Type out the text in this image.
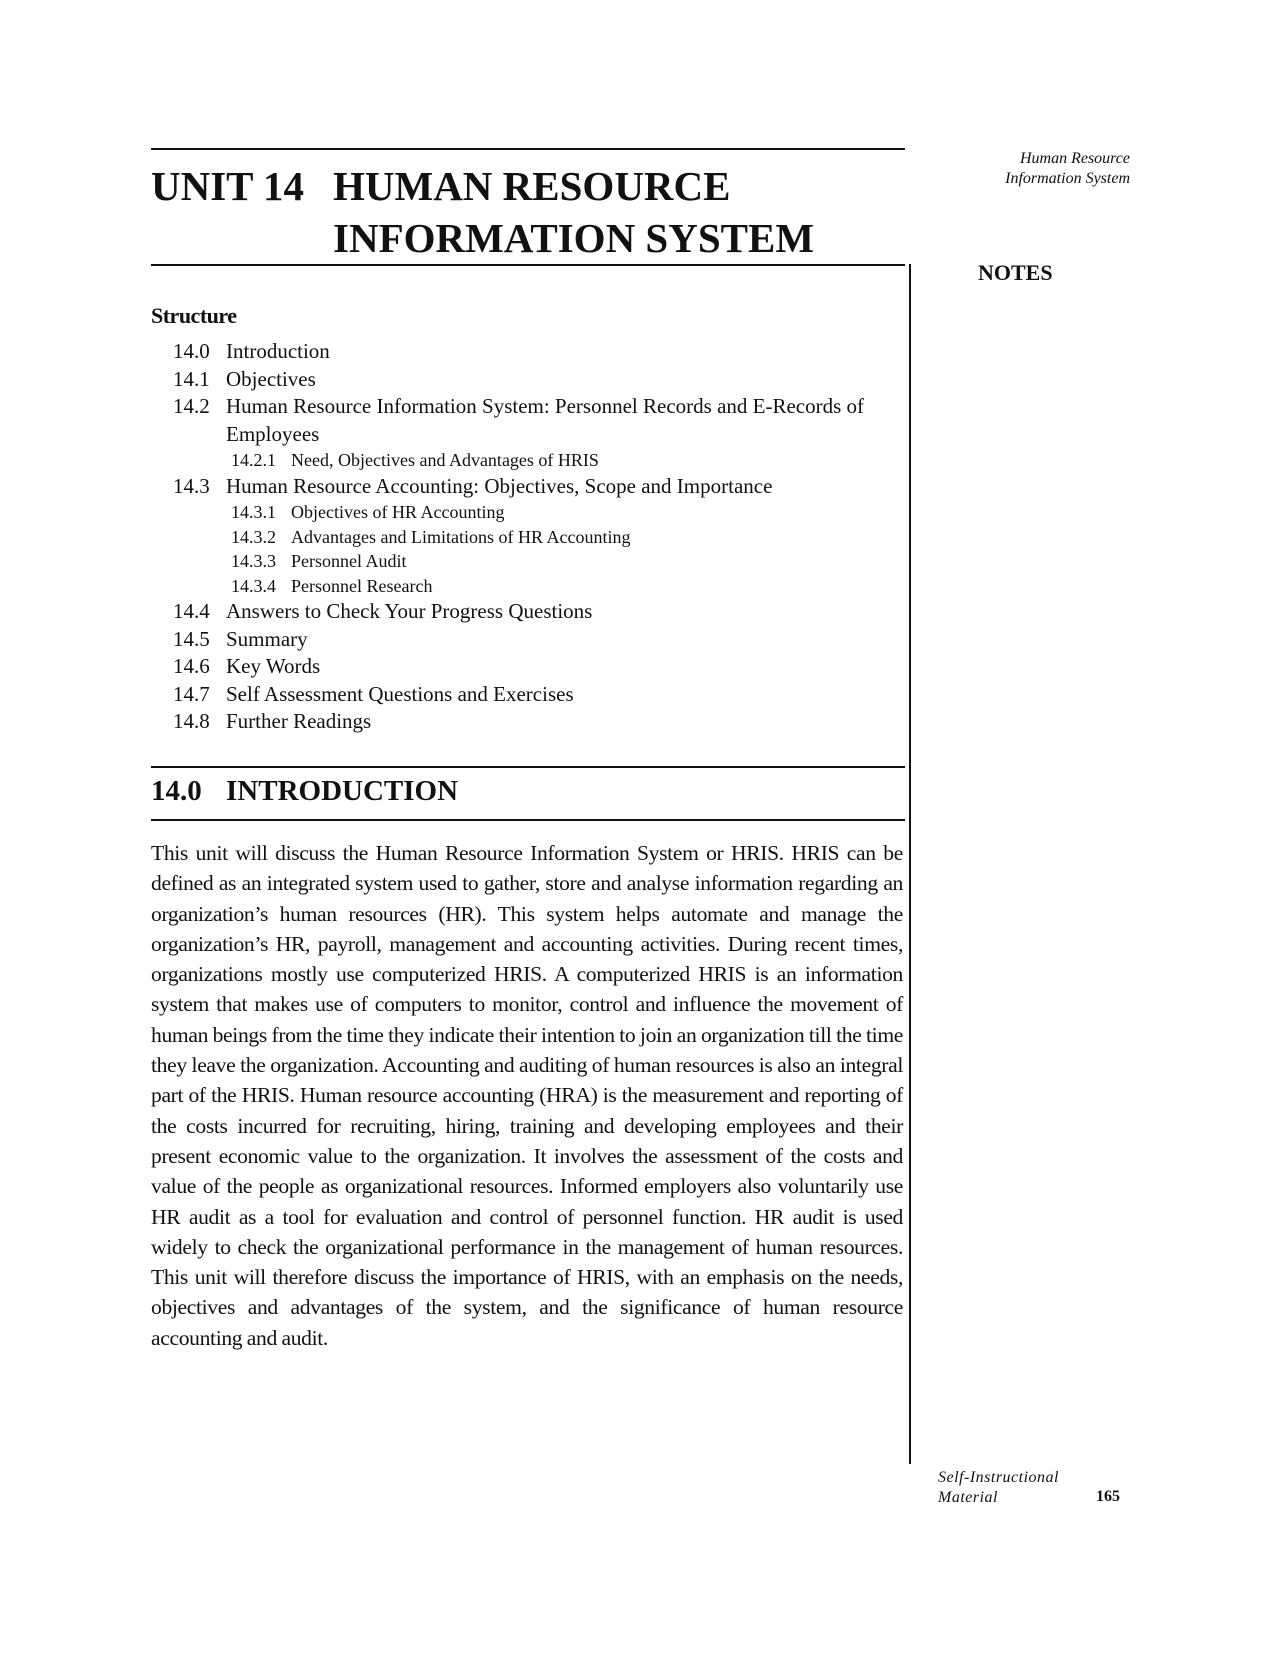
Human Resource
Information System
NOTES
UNIT 14 HUMAN RESOURCE
INFORMATION SYSTEM
Structure
14.0 Introduction
14.1 Objectives
14.2 Human Resource Information System: Personnel Records and E-Records of Employees
14.2.1 Need, Objectives and Advantages of HRIS
14.3 Human Resource Accounting: Objectives, Scope and Importance
14.3.1 Objectives of HR Accounting
14.3.2 Advantages and Limitations of HR Accounting
14.3.3 Personnel Audit
14.3.4 Personnel Research
14.4 Answers to Check Your Progress Questions
14.5 Summary
14.6 Key Words
14.7 Self Assessment Questions and Exercises
14.8 Further Readings
14.0 INTRODUCTION
This unit will discuss the Human Resource Information System or HRIS. HRIS can be defined as an integrated system used to gather, store and analyse information regarding an organization’s human resources (HR). This system helps automate and manage the organization’s HR, payroll, management and accounting activities. During recent times, organizations mostly use computerized HRIS. A computerized HRIS is an information system that makes use of computers to monitor, control and influence the movement of human beings from the time they indicate their intention to join an organization till the time they leave the organization. Accounting and auditing of human resources is also an integral part of the HRIS. Human resource accounting (HRA) is the measurement and reporting of the costs incurred for recruiting, hiring, training and developing employees and their present economic value to the organization. It involves the assessment of the costs and value of the people as organizational resources. Informed employers also voluntarily use HR audit as a tool for evaluation and control of personnel function. HR audit is used widely to check the organizational performance in the management of human resources. This unit will therefore discuss the importance of HRIS, with an emphasis on the needs, objectives and advantages of the system, and the significance of human resource accounting and audit.
Self-Instructional
Material	165
